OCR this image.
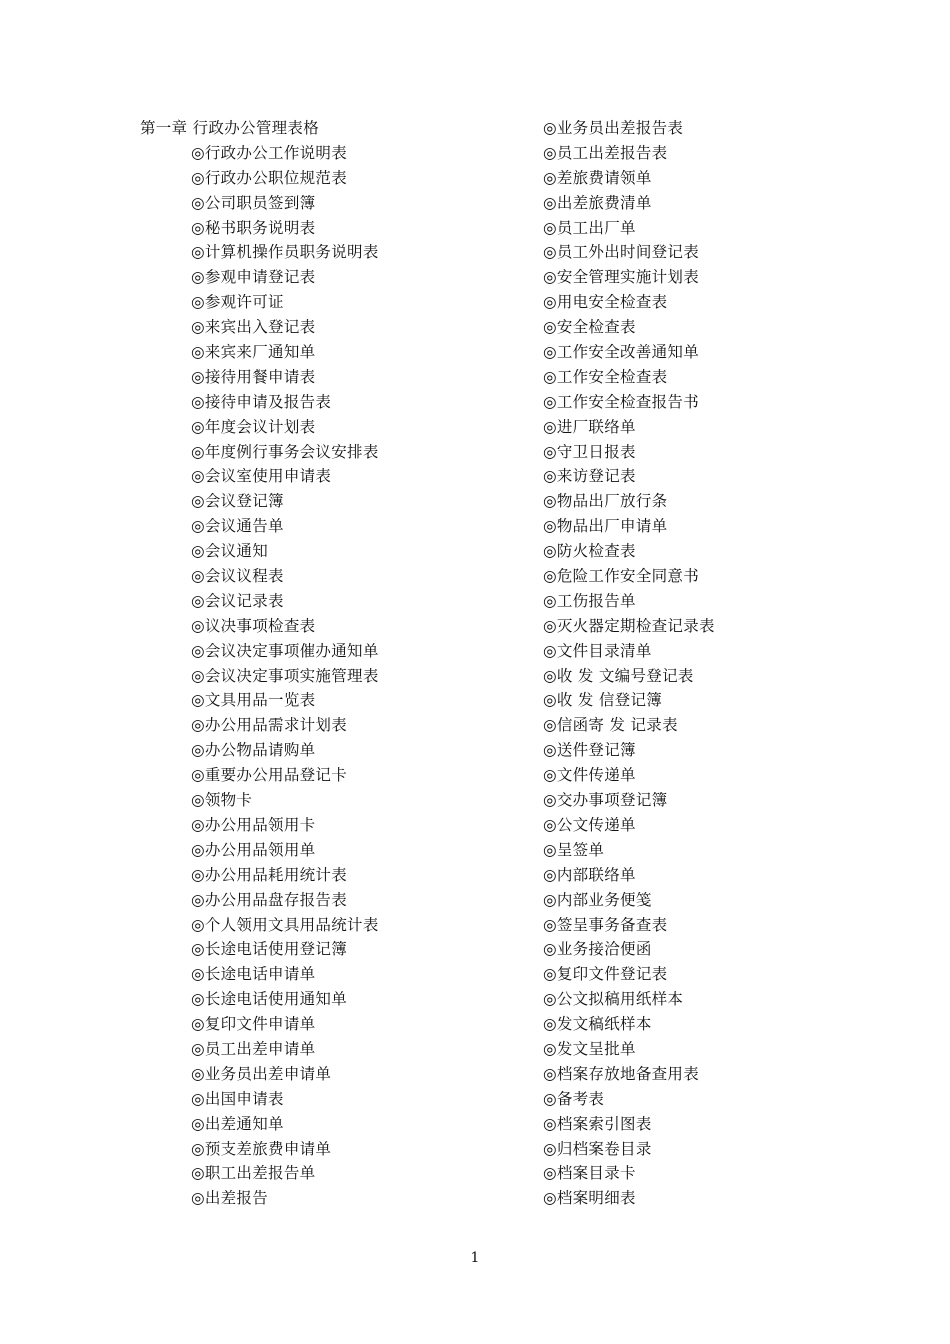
第一章 行政办公管理表格
◎行政办公工作说明表
◎行政办公职位规范表
◎公司职员签到簿
◎秘书职务说明表
◎计算机操作员职务说明表
◎参观申请登记表
◎参观许可证
◎来宾出入登记表
◎来宾来厂通知单
◎接待用餐申请表
◎接待申请及报告表
◎年度会议计划表
◎年度例行事务会议安排表
◎会议室使用申请表
◎会议登记簿
◎会议通告单
◎会议通知
◎会议议程表
◎会议记录表
◎议决事项检查表
◎会议决定事项催办通知单
◎会议决定事项实施管理表
◎文具用品一览表
◎办公用品需求计划表
◎办公物品请购单
◎重要办公用品登记卡
◎领物卡
◎办公用品领用卡
◎办公用品领用单
◎办公用品耗用统计表
◎办公用品盘存报告表
◎个人领用文具用品统计表
◎长途电话使用登记簿
◎长途电话申请单
◎长途电话使用通知单
◎复印文件申请单
◎员工出差申请单
◎业务员出差申请单
◎出国申请表
◎出差通知单
◎预支差旅费申请单
◎职工出差报告单
◎出差报告
◎业务员出差报告表
◎员工出差报告表
◎差旅费请领单
◎出差旅费清单
◎员工出厂单
◎员工外出时间登记表
◎安全管理实施计划表
◎用电安全检查表
◎安全检查表
◎工作安全改善通知单
◎工作安全检查表
◎工作安全检查报告书
◎进厂联络单
◎守卫日报表
◎来访登记表
◎物品出厂放行条
◎物品出厂申请单
◎防火检查表
◎危险工作安全同意书
◎工伤报告单
◎灭火器定期检查记录表
◎文件目录清单
◎收 发 文编号登记表
◎收 发 信登记簿
◎信函寄 发 记录表
◎送件登记簿
◎文件传递单
◎交办事项登记簿
◎公文传递单
◎呈签单
◎内部联络单
◎内部业务便笺
◎签呈事务备查表
◎业务接洽便函
◎复印文件登记表
◎公文拟稿用纸样本
◎发文稿纸样本
◎发文呈批单
◎档案存放地备查用表
◎备考表
◎档案索引图表
◎归档案卷目录
◎档案目录卡
◎档案明细表
1
